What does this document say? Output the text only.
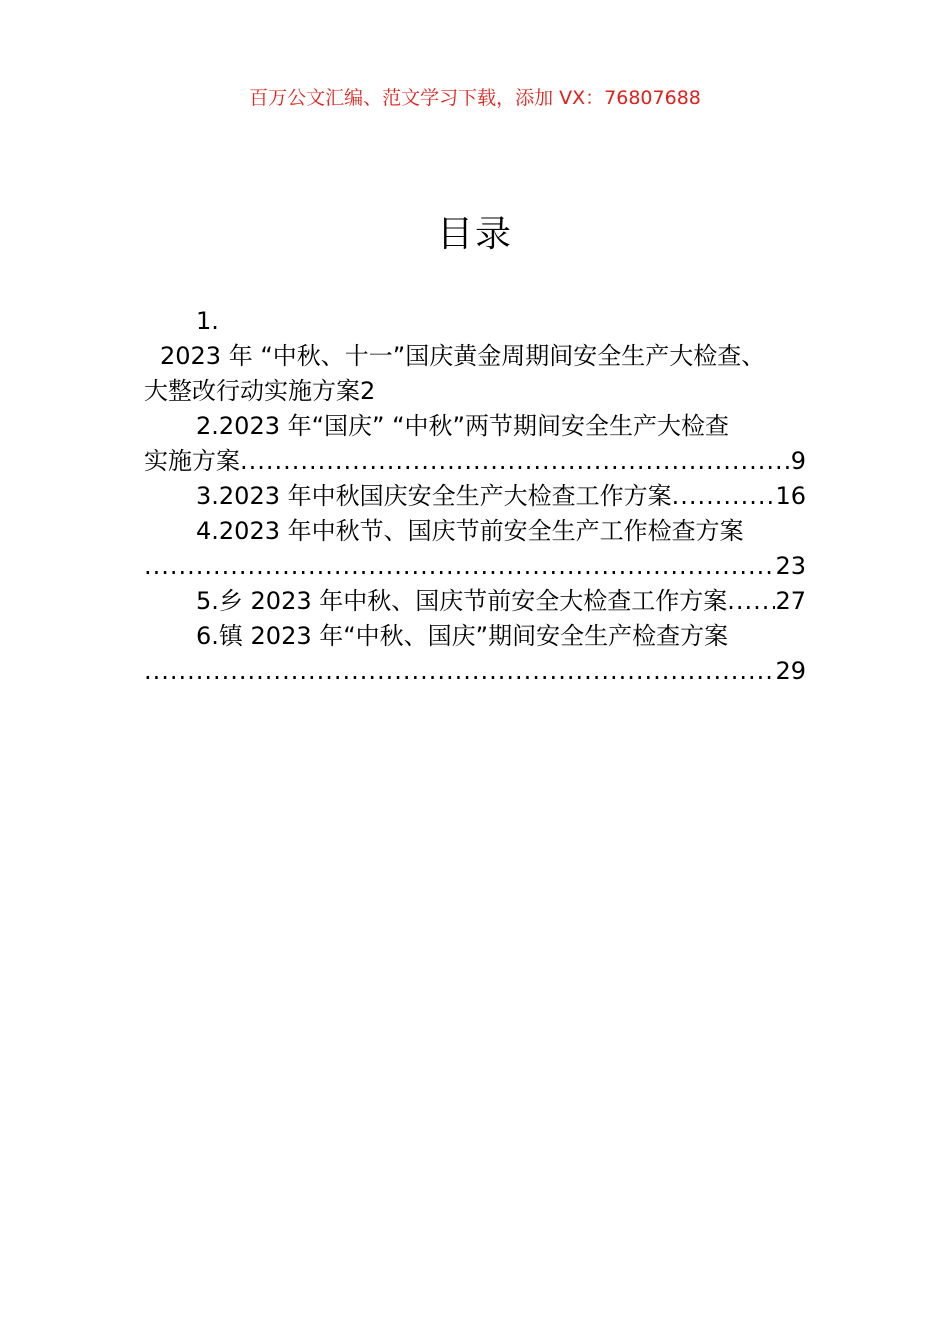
百万公文汇编、范文学习下载，添加 VX：76807688
目录
1.
2023 年 “中秋、十一”国庆黄金周期间安全生产大检查、
大整改行动实施方案2
2.2023 年“国庆” “中秋”两节期间安全生产大检查
实施方案 .....	9
3.2023 年中秋国庆安全生产大检查工作方案 .....	16
4.2023 年中秋节、国庆节前安全生产工作检查方案
.....
23
5.乡 2023 年中秋、国庆节前安全大检查工作方案 ..... 27
6.镇 2023 年“中秋、国庆”期间安全生产检查方案
.....
29
